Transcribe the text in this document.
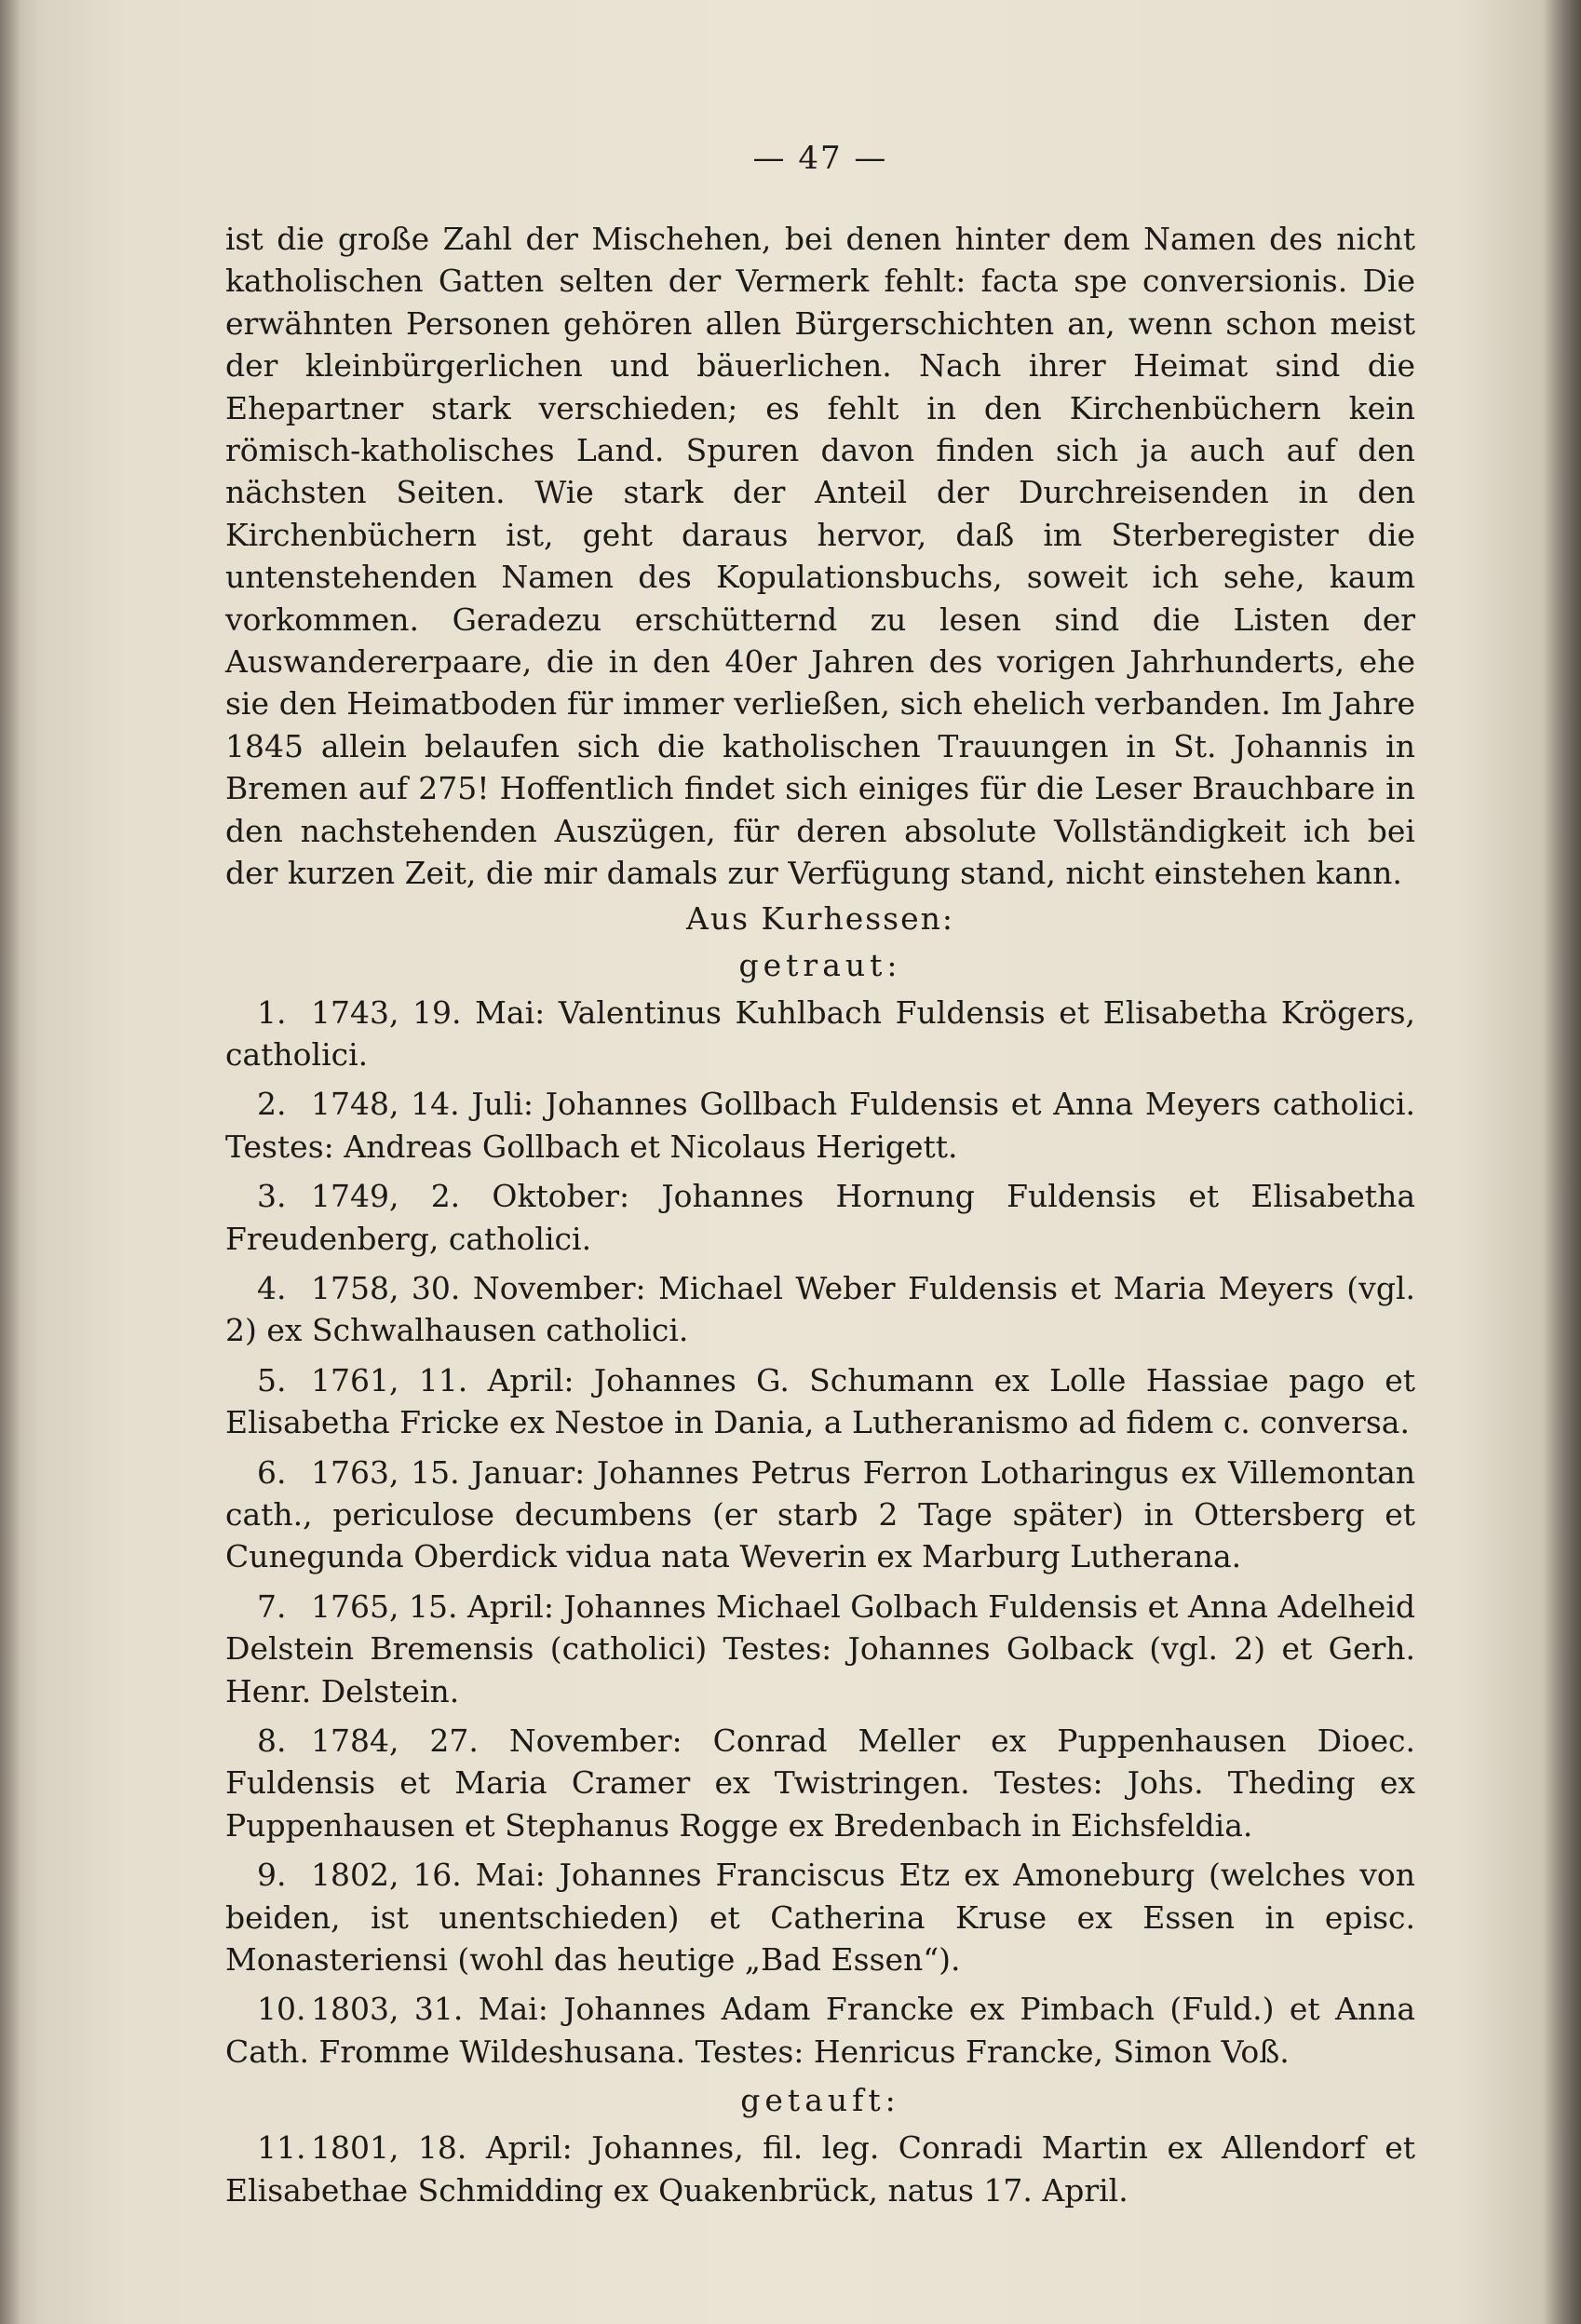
— 47 —

ist die große Zahl der Mischehen, bei denen hinter dem Namen des nicht katholischen Gatten selten der Vermerk fehlt: facta spe conversionis. Die erwähnten Personen gehören allen Bürgerschichten an, wenn schon meist der kleinbürgerlichen und bäuerlichen. Nach ihrer Heimat sind die Ehepartner stark verschieden; es fehlt in den Kirchenbüchern kein römisch-katholisches Land. Spuren davon finden sich ja auch auf den nächsten Seiten. Wie stark der Anteil der Durchreisenden in den Kirchenbüchern ist, geht daraus hervor, daß im Sterberegister die untenstehenden Namen des Kopulationsbuchs, soweit ich sehe, kaum vorkommen. Geradezu erschütternd zu lesen sind die Listen der Auswandererpaare, die in den 40er Jahren des vorigen Jahrhunderts, ehe sie den Heimatboden für immer verließen, sich ehelich verbanden. Im Jahre 1845 allein belaufen sich die katholischen Trauungen in St. Johannis in Bremen auf 275! Hoffentlich findet sich einiges für die Leser Brauchbare in den nachstehenden Auszügen, für deren absolute Vollständigkeit ich bei der kurzen Zeit, die mir damals zur Verfügung stand, nicht einstehen kann.

Aus Kurhessen:
getraut:

1. 1743, 19. Mai: Valentinus Kuhlbach Fuldensis et Elisabetha Krögers, catholici.

2. 1748, 14. Juli: Johannes Gollbach Fuldensis et Anna Meyers catholici. Testes: Andreas Gollbach et Nicolaus Herigett.

3. 1749, 2. Oktober: Johannes Hornung Fuldensis et Elisabetha Freudenberg, catholici.

4. 1758, 30. November: Michael Weber Fuldensis et Maria Meyers (vgl. 2) ex Schwalhausen catholici.

5. 1761, 11. April: Johannes G. Schumann ex Lolle Hassiae pago et Elisabetha Fricke ex Nestoe in Dania, a Lutheranismo ad fidem c. conversa.

6. 1763, 15. Januar: Johannes Petrus Ferron Lotharingus ex Villemontan cath., periculose decumbens (er starb 2 Tage später) in Ottersberg et Cunegunda Oberdick vidua nata Weverin ex Marburg Lutherana.

7. 1765, 15. April: Johannes Michael Golbach Fuldensis et Anna Adelheid Delstein Bremensis (catholici) Testes: Johannes Golback (vgl. 2) et Gerh. Henr. Delstein.

8. 1784, 27. November: Conrad Meller ex Puppenhausen Dioec. Fuldensis et Maria Cramer ex Twistringen. Testes: Johs. Theding ex Puppenhausen et Stephanus Rogge ex Bredenbach in Eichsfeldia.

9. 1802, 16. Mai: Johannes Franciscus Etz ex Amoneburg (welches von beiden, ist unentschieden) et Catherina Kruse ex Essen in episc. Monasteriensi (wohl das heutige „Bad Essen“).

10. 1803, 31. Mai: Johannes Adam Francke ex Pimbach (Fuld.) et Anna Cath. Fromme Wildeshusana. Testes: Henricus Francke, Simon Voß.

getauft:

11. 1801, 18. April: Johannes, fil. leg. Conradi Martin ex Allendorf et Elisabethae Schmidding ex Quakenbrück, natus 17. April.
